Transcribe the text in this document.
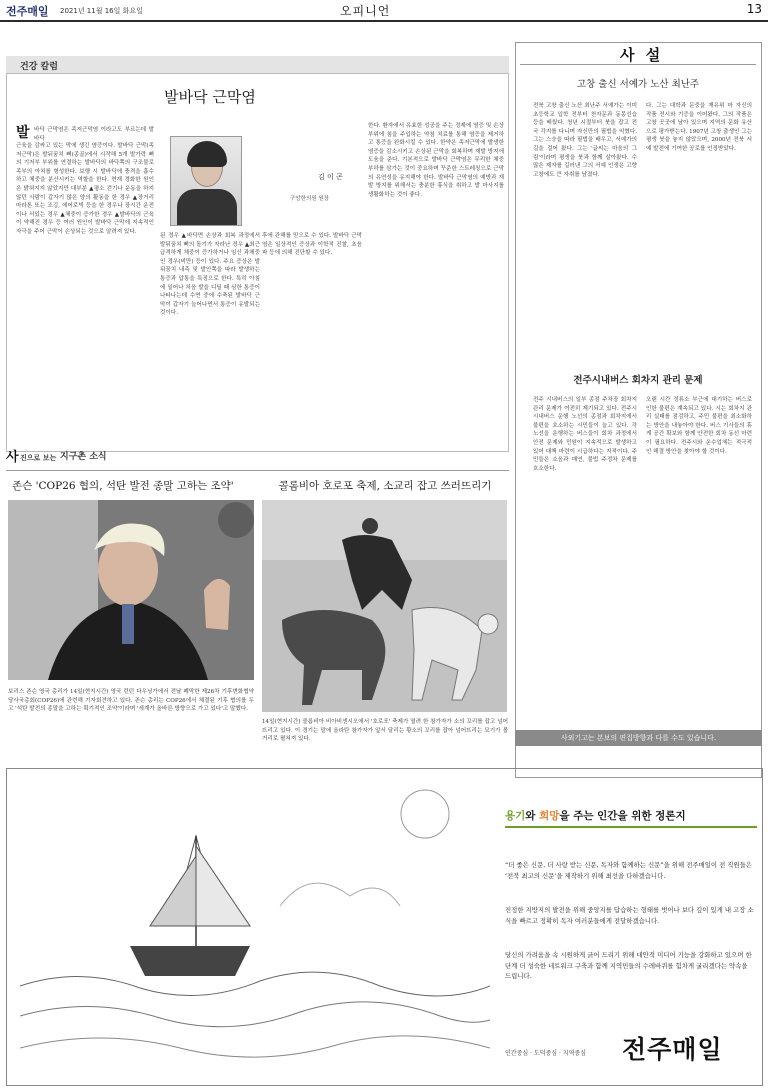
전주매일 2021년 11월 16일 화요일	오피니언	13
건강 칼럼
발바닥 근막염
김 이 곤
구암한의원 원장
발 바닥 근막염은 족저근막염 이라고도 부르는데 발바닥
근육을 감싸고 있는 막에 생긴 염증이다. 발바닥 근막(족저근막)은 발뒤꿈치 뼈(종골)에서 시작해 5개 발가락 뼈의 기저부 부위를 연결하는 발바닥의 바닥쪽의 구조물로 족부의 아치를 형성한다. 보행 시 발바닥에 충격을 흡수하고 체중을 분산시키는 역할을 한다. 현재 경화한 원인은 밝혀지지 않았지만 대부분 ▲평소 걷기나 운동을 하지 않던 사람이 갑자기 많은 양의 활동을 한 경우 ▲장거리 마라톤 또는 조깅, 에어로빅 등을 한 경우나 장시간 운전이나 서있는 경우 ▲체중이 증가한 경우 ▲발바닥의 근육이 약해진 경우 등 여러 원인이 발바닥 근막에 지속적인 자극을 주어 근막이 손상되는 것으로 알려져 있다.
된 경우 ▲바닥면 손상과 회복 과정에서 발뒤꿈치 뼈의 돌기가 자라난 경우 ▲최근 급격하게 체중이 증가하거나 임신 과체중인 경우(비만) 등이 있다. 주요 증상은 발뒤꿈치 내측 및 발안쪽을 따라 발생하는 통증과 압통을 특징으로 한다. 특히 아침에 일어나 처음 발을 디딜 때 심한 통증이 나타나는데 수면 중에 수축된 발바닥 근막이 갑자기 늘어나면서 통증이 유발되는 것이다.
후에 관해를 믿으로 수 있다. 발바닥 근막염은 일상적인 증상과 이학적 진찰, 초음파 등에 의해 진단할 수 있다.
한다. 환자에서 유효한 성공을 주는 정제에 염증 및 손상 부위에 침을 주입하는 약침 치료를 통해 염증을 제거하고 통증을 완화시킬 수 있다. 한약은 족저근막에 발생한 염증을 감소시키고 손상된 근막을 회복하며 재발 방지에 도움을 준다. 기본적으로 발바닥 근막염은 무리한 체중부하를 삼가는 것이 중요하며 꾸준한 스트레칭으로 근막의 유연성을 유지해야 한다. 발바닥 근막염의 예방과 재발 방지를 위해서는 충분한 휴식을 취하고 발 마사지를 생활화하는 것이 좋다.
사 진으로 보는 지구촌 소식
존슨 'COP26 협의, 석탄 발전 종말 고하는 조약'	콜롬비아 호로포 축제, 소교리 잡고 쓰러뜨리기
보리스 존슨 영국 총리가 14일(현지시간) 영국 런던 다우닝가에서 전날 폐막한 제26차 기후변화협약 당사국총회(COP26)에 관련해 기자회견하고 있다. 존슨 총리는 COP26에서 체결된 기후 협의를 두고 '석탄 발전의 종말을 고하는 획기적인 조약'이라며 '세계가 올바른 방향으로 가고 있다'고 말했다.
14일(현지시간) 콜롬비아 비아비센시오에서 '호로포' 축제가 열려 한 참가자가 소의 꼬리를 잡고 넘어뜨리고 있다. 이 경기는 말에 올라탄 참가자가 앞서 달리는 황소의 꼬리를 잡아 넘어뜨리는 묘기가 볼거리로 펼쳐져 있다.
사 설
고창 출신 서예가 노산 최난주
전북 고창 출신 노산 최난주 서예가는 이미 초등학교 입학 전부터 천자문과 동몽선습 등을 배웠다. 청년 시절부터 붓을 잡고 전국 각지를 다니며 자신만의 필법을 익혔다. 그는 스승을 따라 필법을 배우고, 서예가의 길을 걸어 왔다. 그는 '글씨는 마음의 그림'이라며 평생을 붓과 함께 살아왔다. 수많은 제자를 길러낸 그의 서예 인생은 고향 고창에도 큰 자취를 남겼다.
다. 그는 대학과 문중을 재유위 마 자신의 작품 전시와 기증을 이어왔다. 그의 작품은 고창 곳곳에 남아 있으며 지역의 문화 유산으로 평가받는다. 1907년 고창 출생인 그는 평생 붓을 놓지 않았으며, 2000년 전북 서예 발전에 기여한 공로를 인정받았다.
전주시내버스 회차지 관리 문제
전주 시내버스의 일부 종점 주차장 회차지 관리 문제가 여전히 제기되고 있다. 전주시 시내버스 운행 노선의 종점과 회차지에서 불편을 호소하는 시민들이 늘고 있다. 각 노선을 운행하는 버스들이 회차 과정에서 안전 문제와 민원이 지속적으로 발생하고 있어 대책 마련이 시급하다는 지적이다. 주민들은 소음과 매연, 불법 주정차 문제를 호소한다.
오랜 시간 정류소 부근에 대기하는 버스로 인한 불편은 계속되고 있다. 시는 회차지 관리 실태를 점검하고, 주민 불편을 최소화하는 방안을 내놓아야 한다. 버스 기사들의 휴게 공간 확보와 함께 안전한 회차 동선 마련이 필요하다. 전주시와 운수업체는 적극적인 해결 방안을 찾아야 할 것이다.
사외기고는 본보의 편집방향과 다를 수도 있습니다.
용기와 희망을 주는 인간을 위한 정론지
“더 좋은 신문, 더 사랑 받는 신문, 독자와 함께하는 신문”을 위해 전주매일이 전 직원들은 ‘전북 최고의 신문’을 제작하기 위해 최선을 다하겠습니다.
진정한 지방지의 발전을 위해 중앙지를 답습하는 형태를 벗어나 보다 깊이 있게 내 고장 소식을 빠르고 정확히 독자 여러분들에게 전달하겠습니다.
당신의 가려움을 속 시원하게 긁어 드리기 위해 대안적 미디어 기능을 강화하고 있으며 한 단계 더 성숙한 네트워크 구축과 함께 지역민들의 수레바퀴를 힘차게 굴리겠다는 약속을 드립니다.
인간중심 · 도덕중심 · 지역중심 전주매일
